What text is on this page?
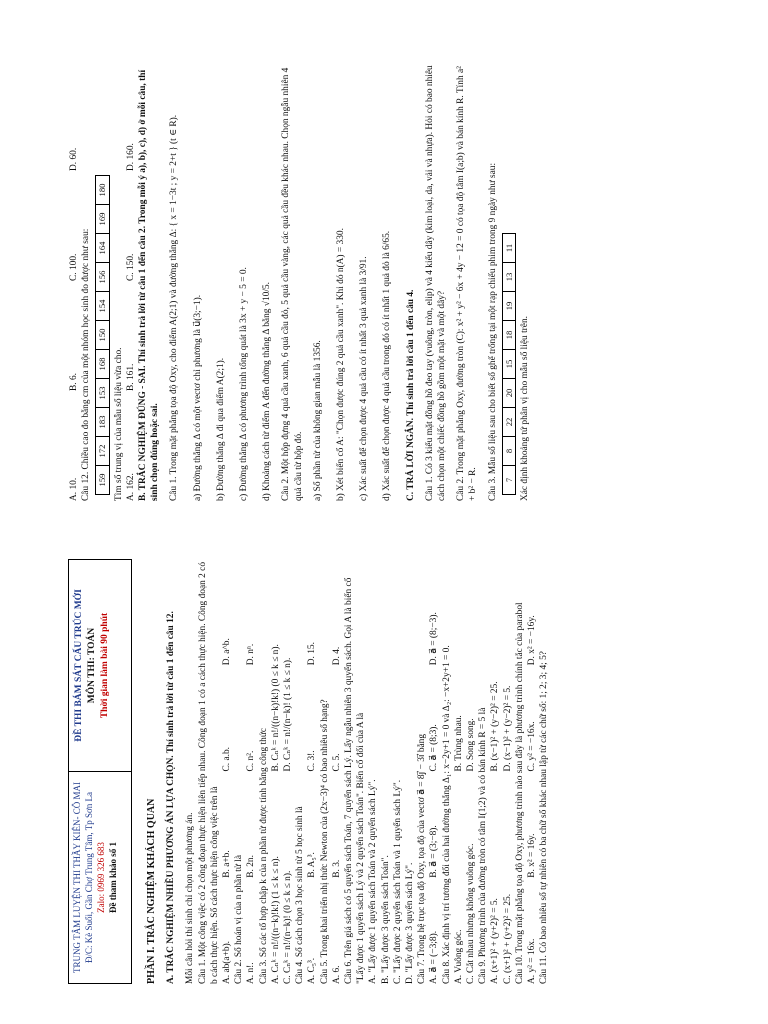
TRUNG TÂM LUYỆN THI THẦY KIÊN- CÔ MAI Đ/C: Kè Suối, Gần Chợ Trung Tâm, Tp Sơn La Zalo: 0969 326 683 Đề tham khảo số 1

ĐỀ THI BÁM SÁT CẤU TRÚC MỚI MÔN THI: TOÁN Thời gian làm bài 90 phút

PHẦN I. TRẮC NGHIỆM KHÁCH QUAN A. TRẮC NGHIỆM NHIỀU PHƯƠNG ÁN LỰA CHỌN. Thí sinh trả lời từ câu 1 đến câu 12. Mỗi câu hỏi thí sinh chỉ chọn một phương án. Câu 1. Một công việc có 2 công đoạn thực hiện liên tiếp nhau. Công đoạn 1 có a cách thực hiện. Công đoạn 2 có b cách thực hiện. Số cách thực hiện công việc trên là A. ab(a+b).
B. a+b.
C. a.b.
D. a^b.

Câu 2. Số hoán vị của n phần tử là A. n!.
B. 2n.
C. n².
D. nⁿ.

Câu 3. Số các tổ hợp chập k của n phần tử được tính bằng công thức A. Cₙᵏ = n!/((n−k)!k!) (1 ≤ k ≤ n).
B. Cₙᵏ = n!/((n−k)!k!) (0 ≤ k ≤ n).
C. Cₙᵏ = n!/(n−k)! (0 ≤ k ≤ n).
D. Cₙᵏ = n!/(n−k)! (1 ≤ k ≤ n).

Câu 4. Số cách chọn 3 học sinh từ 5 học sinh là A. C₅³.
B. A₅³.
C. 3!.
D. 15.

Câu 5. Trong khai triển nhị thức Newton của (2x−3)⁴ có bao nhiêu số hạng? A. 6.
B. 3.
C. 5.
D. 4. Câu 6. Trên giá sách có 5 quyển sách Toán, 7 quyển sách Lý. Lấy ngẫu nhiên 3 quyển sách. Gọi A là biến cố "Lấy được 1 quyển sách Lý và 2 quyển sách Toán". Biến cố đối của A là A. "Lấy được 1 quyển sách Toán và 2 quyển sách Lý". B. "Lấy được 3 quyển sách Toán". C. "Lấy được 2 quyển sách Toán và 1 quyển sách Lý". D. "Lấy được 3 quyển sách Lý". Câu 7. Trong hệ trục tọa độ Oxy, tọa độ của vectơ a⃗ = 8j⃗ − 3i⃗ bằng A. a⃗ = (−3;8).
B. a⃗ = (3;−8).
C. a⃗ = (8;3).
D. a⃗ = (8;−3).

Câu 8. Xác định vị trí tương đối của hai đường thẳng Δ₁: x−2y+1 = 0 và Δ₂: −x+2y+1 = 0. A. Vuông góc.
B. Trùng nhau.
C. Cắt nhau nhưng không vuông góc.
D. Song song. Câu 9. Phương trình của đường tròn có tâm I(1;2) và có bán kính R = 5 là A. (x+1)² + (y+2)² = 5.
B. (x−1)² + (y−2)² = 25.
C. (x+1)² + (y+2)² = 25.
D. (x−1)² + (y−2)² = 5. Câu 10. Trong mặt phẳng tọa độ Oxy, phương trình nào sau đây là phương trình chính tắc của parabol A. y² = 16x.
B. x² = 16y.
C. y² = −16x.
D. x² = −16y.

Câu 11. Có bao nhiêu số tự nhiên có ba chữ số khác nhau lập từ các chữ số: 1; 2; 3; 4; 5?

A. 10.
B. 6.
C. 100.
D. 60.

Câu 12. Chiều cao đo bằng cm của một nhóm học sinh đo được như sau: 159	172	183	153	168	150	154	156	164	169	180

Tìm số trung vị của mẫu số liệu vừa cho. A. 162.
B. 161.
C. 150.
D. 160. B. TRẮC NGHIỆM ĐÚNG - SAI. Thí sinh trả lời từ câu 1 đến câu 2. Trong mỗi ý a), b), c), d) ở mỗi câu, thí sinh chọn đúng hoặc sai. Câu 1. Trong mặt phẳng tọa độ Oxy, cho điểm A(2;1) và đường thẳng Δ: { x = 1−3t ; y = 2+t } (t ∈ R). a) Đường thẳng Δ có một vectơ chỉ phương là u⃗(3;−1). b) Đường thẳng Δ đi qua điểm A(2;1). c) Đường thẳng Δ có phương trình tổng quát là 3x + y − 5 = 0. d) Khoảng cách từ điểm A đến đường thẳng Δ bằng √10/5. Câu 2. Một hộp đựng 4 quả cầu xanh, 6 quả cầu đỏ, 5 quả cầu vàng, các quả cầu đều khác nhau. Chọn ngẫu nhiên 4 quả cầu từ hộp đó. a) Số phần tử của không gian mẫu là 1356. b) Xét biến cố A: "Chọn được đúng 2 quả cầu xanh". Khi đó n(A) = 330. c) Xác suất để chọn được 4 quả cầu có ít nhất 3 quả xanh là 3/91. d) Xác suất để chọn được 4 quả cầu trong đó có ít nhất 1 quả đỏ là 6/65. C. TRẢ LỜI NGẮN. Thí sinh trả lời câu 1 đến câu 4. Câu 1. Có 3 kiểu mặt đồng hồ đeo tay (vuông, tròn, elip) và 4 kiểu dây (kim loại, da, vải và nhựa). Hỏi có bao nhiêu cách chọn một chiếc đồng hồ gồm một mặt và một dây? Câu 2. Trong mặt phẳng Oxy, đường tròn (C): x² + y² − 6x + 4y − 12 = 0 có tọa độ tâm I(a;b) và bán kính R. Tính a² + b² − R. Câu 3. Mẫu số liệu sau cho biết số ghế trống tại một rạp chiếu phim trong 9 ngày như sau: 7	8	22	20	15	18	19	13	11

Xác định khoảng tứ phân vị cho mẫu số liệu trên.
